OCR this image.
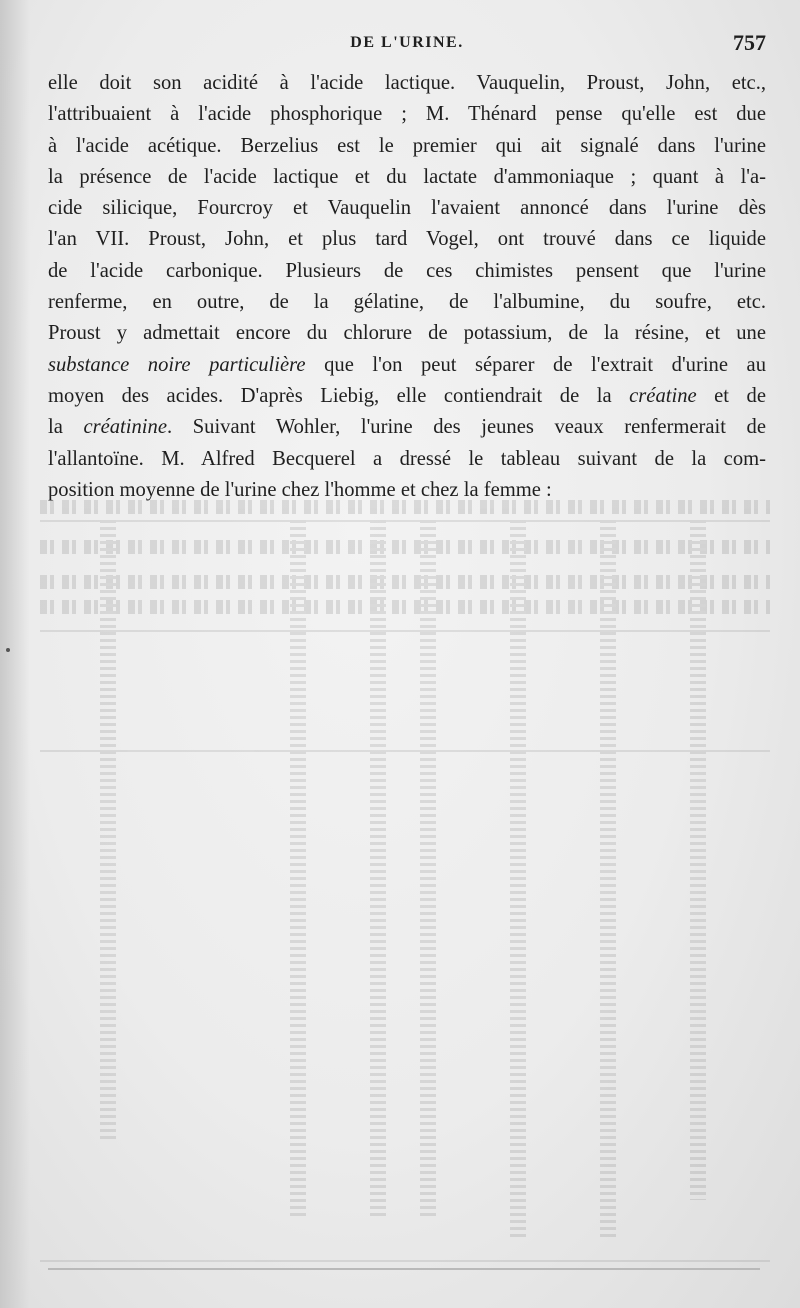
DE L'URINE.	757

elle doit son acidité à l'acide lactique. Vauquelin, Proust, John, etc.,
l'attribuaient à l'acide phosphorique ; M. Thénard pense qu'elle est due
à l'acide acétique. Berzelius est le premier qui ait signalé dans l'urine
la présence de l'acide lactique et du lactate d'ammoniaque ; quant à l'a-
cide silicique, Fourcroy et Vauquelin l'avaient annoncé dans l'urine dès
l'an VII. Proust, John, et plus tard Vogel, ont trouvé dans ce liquide
de l'acide carbonique. Plusieurs de ces chimistes pensent que l'urine
renferme, en outre, de la gélatine, de l'albumine, du soufre, etc.
Proust y admettait encore du chlorure de potassium, de la résine, et une
substance noire particulière que l'on peut séparer de l'extrait d'urine au
moyen des acides. D'après Liebig, elle contiendrait de la créatine et de
la créatinine. Suivant Wohler, l'urine des jeunes veaux renfermerait de
l'allantoïne. M. Alfred Becquerel a dressé le tableau suivant de la com-
position moyenne de l'urine chez l'homme et chez la femme :
